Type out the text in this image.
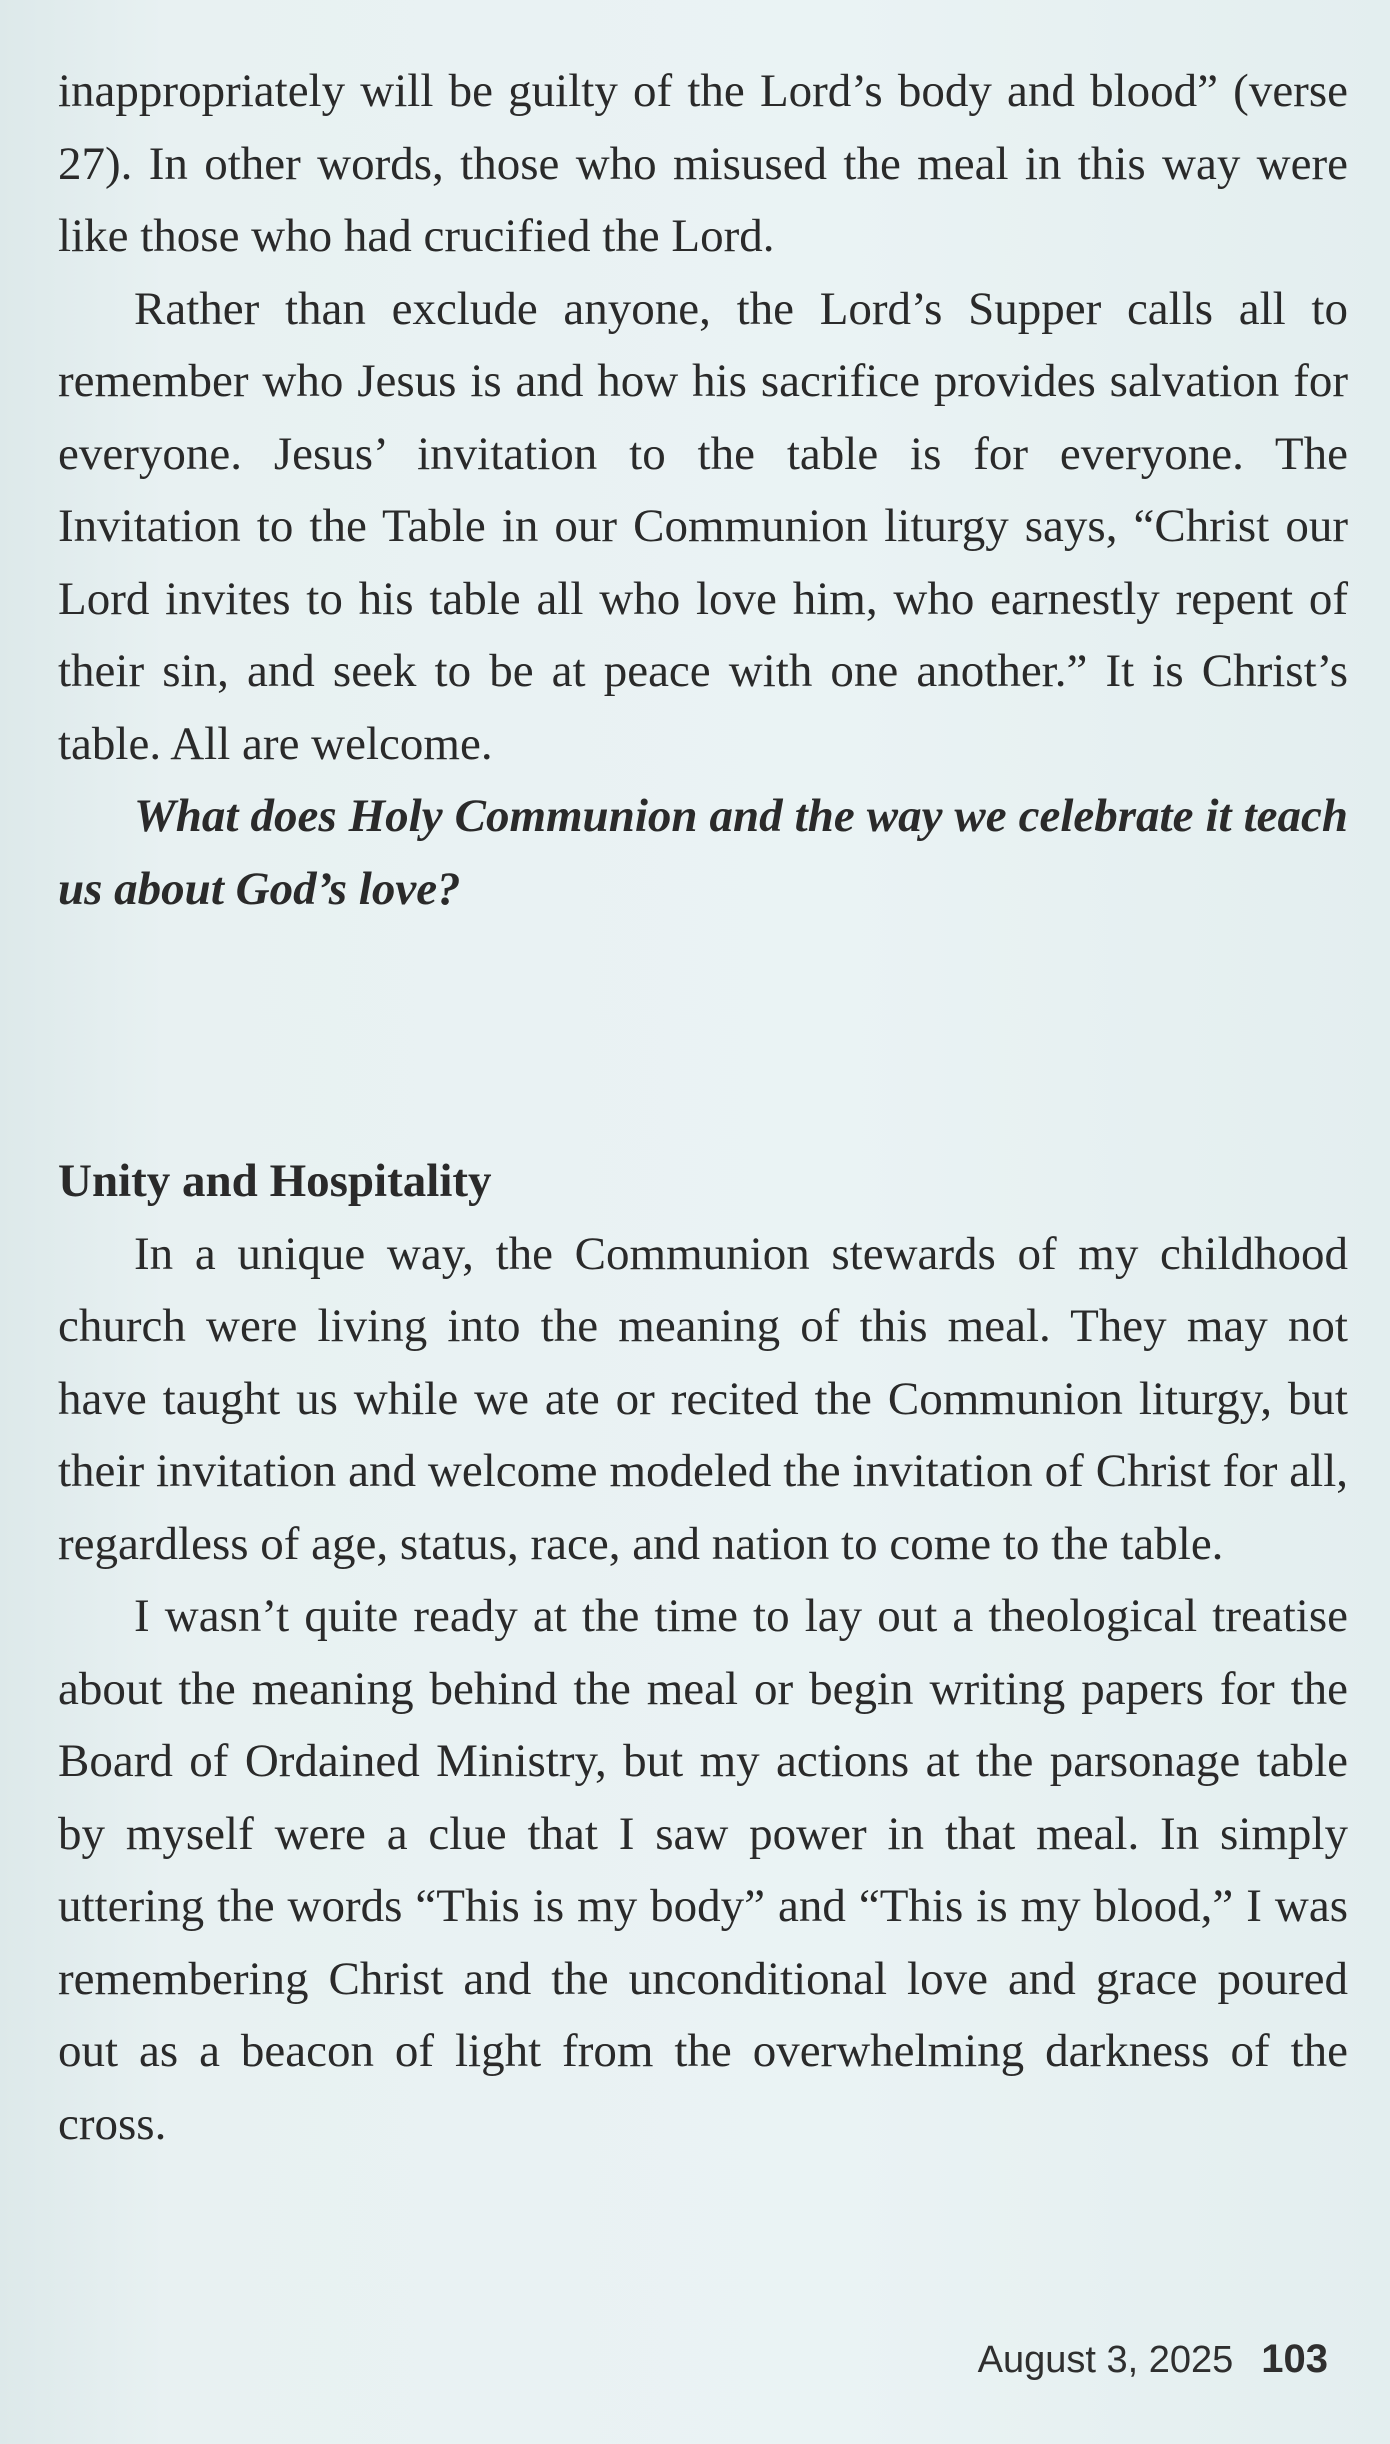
inappropriately will be guilty of the Lord’s body and blood” (verse 27). In other words, those who misused the meal in this way were like those who had crucified the Lord.

Rather than exclude anyone, the Lord’s Supper calls all to remember who Jesus is and how his sacrifice provides salvation for everyone. Jesus’ invitation to the table is for everyone. The Invitation to the Table in our Communion liturgy says, “Christ our Lord invites to his table all who love him, who earnestly repent of their sin, and seek to be at peace with one another.” It is Christ’s table. All are welcome.

What does Holy Communion and the way we celebrate it teach us about God’s love?

Unity and Hospitality

In a unique way, the Communion stewards of my childhood church were living into the meaning of this meal. They may not have taught us while we ate or recited the Communion liturgy, but their invitation and welcome modeled the invitation of Christ for all, regardless of age, status, race, and nation to come to the table.

I wasn’t quite ready at the time to lay out a theological treatise about the meaning behind the meal or begin writing papers for the Board of Ordained Ministry, but my actions at the parsonage table by myself were a clue that I saw power in that meal. In simply uttering the words “This is my body” and “This is my blood,” I was remembering Christ and the unconditional love and grace poured out as a beacon of light from the overwhelming darkness of the cross.

August 3, 2025 103
